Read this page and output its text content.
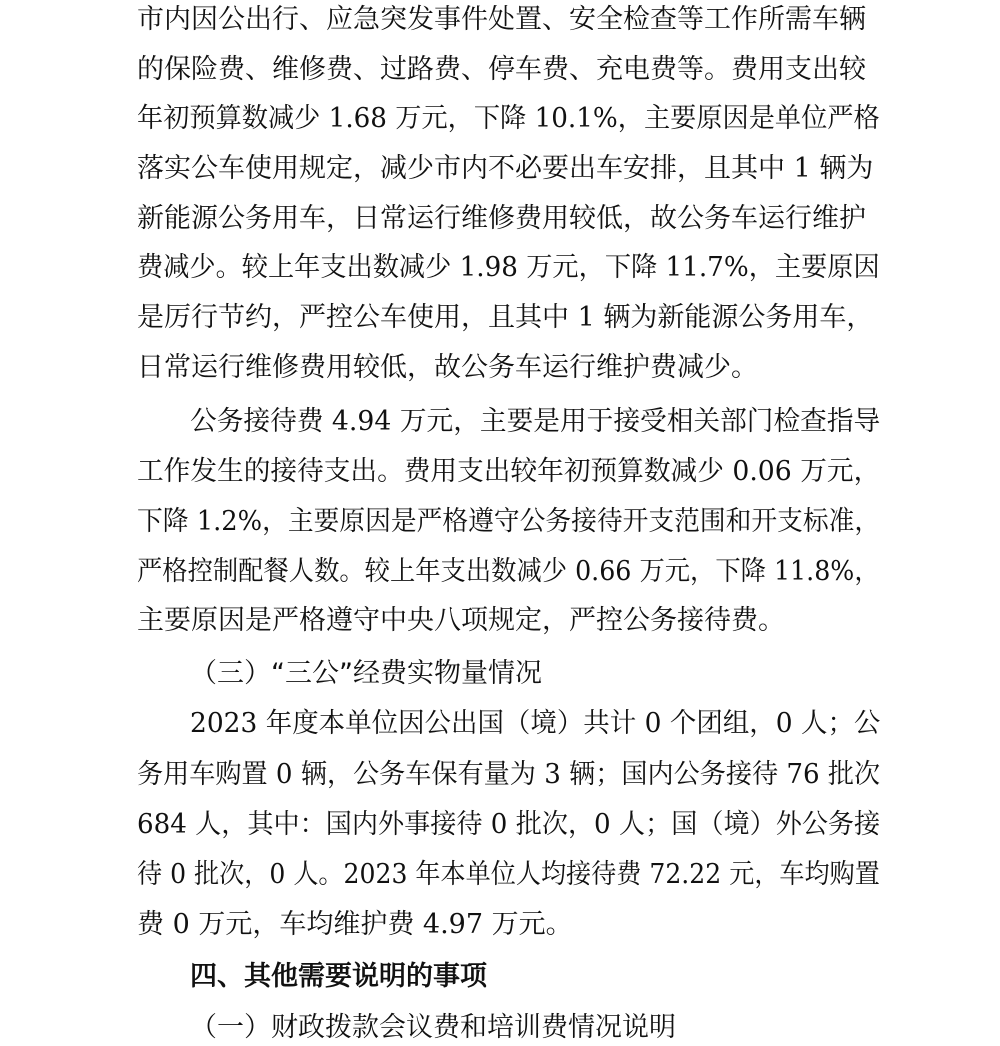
市内因公出行、应急突发事件处置、安全检查等工作所需车辆
的保险费、维修费、过路费、停车费、充电费等。费用支出较
年初预算数减少 1.68 万元，下降 10.1%，主要原因是单位严格
落实公车使用规定，减少市内不必要出车安排，且其中 1 辆为
新能源公务用车，日常运行维修费用较低，故公务车运行维护
费减少。较上年支出数减少 1.98 万元，下降 11.7%，主要原因
是厉行节约，严控公车使用，且其中 1 辆为新能源公务用车，
日常运行维修费用较低，故公务车运行维护费减少。
公务接待费 4.94 万元，主要是用于接受相关部门检查指导
工作发生的接待支出。费用支出较年初预算数减少 0.06 万元，
下降 1.2%，主要原因是严格遵守公务接待开支范围和开支标准，
严格控制配餐人数。较上年支出数减少 0.66 万元，下降 11.8%，
主要原因是严格遵守中央八项规定，严控公务接待费。
（三）“三公”经费实物量情况
2023 年度本单位因公出国（境）共计 0 个团组，0 人；公
务用车购置 0 辆，公务车保有量为 3 辆；国内公务接待 76 批次
684 人，其中：国内外事接待 0 批次，0 人；国（境）外公务接
待 0 批次，0 人。2023 年本单位人均接待费 72.22 元，车均购置
费 0 万元，车均维护费 4.97 万元。
四、其他需要说明的事项
（一）财政拨款会议费和培训费情况说明
